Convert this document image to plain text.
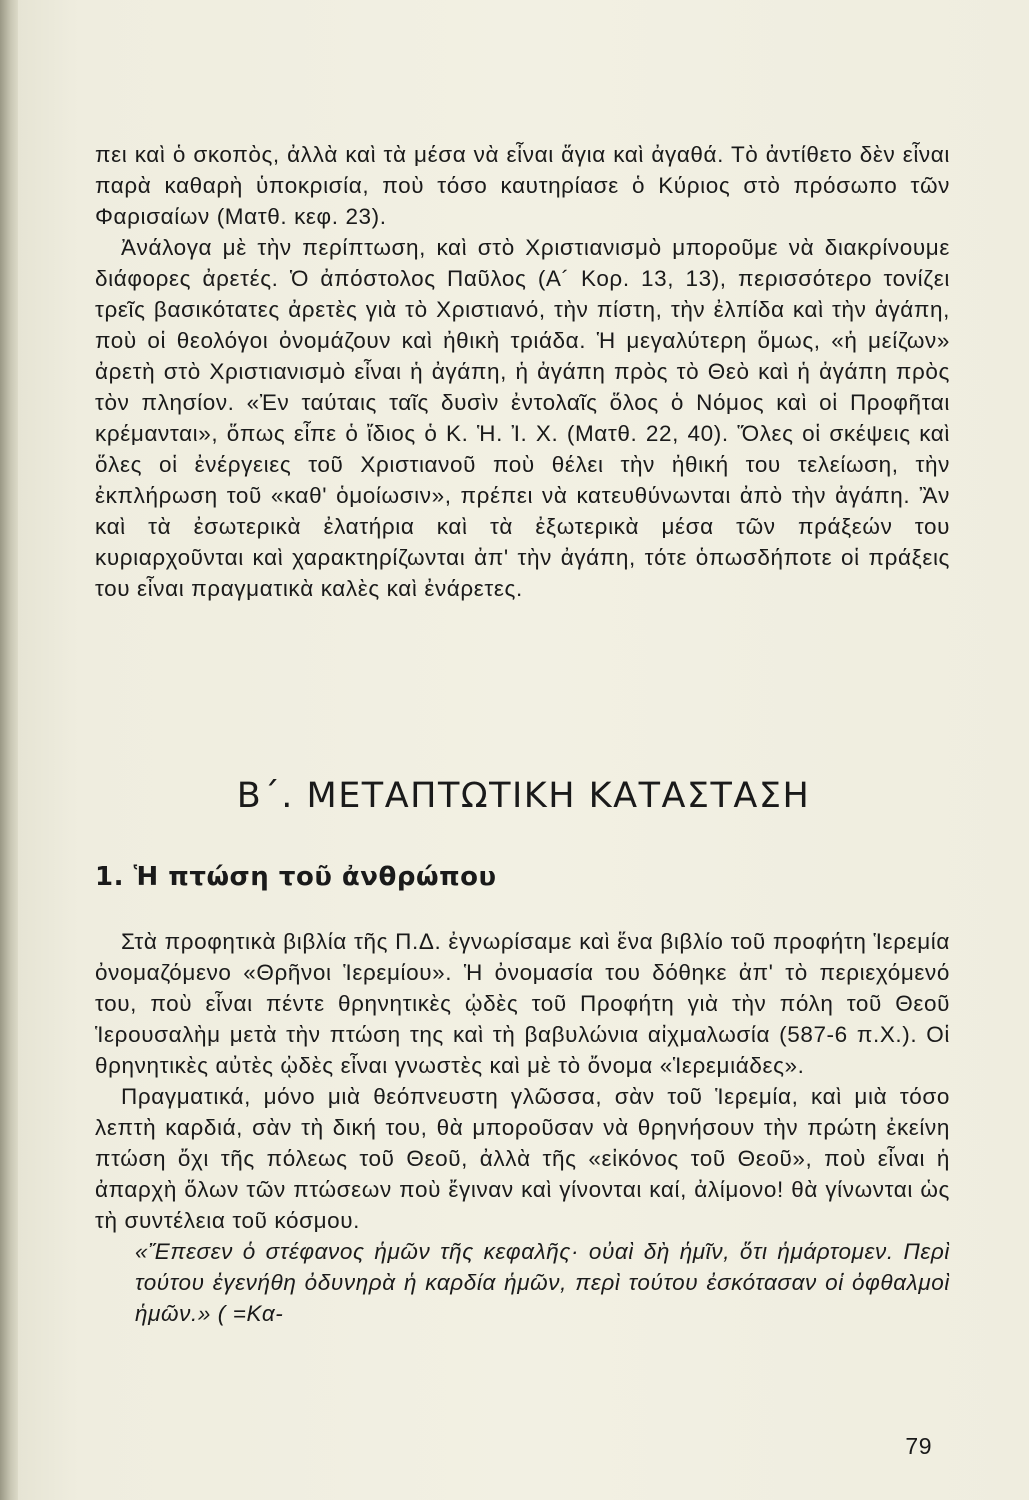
πει καὶ ὁ σκοπὸς, ἀλλὰ καὶ τὰ μέσα νὰ εἶναι ἅγια καὶ ἀγαθά. Τὸ ἀντίθετο δὲν εἶναι παρὰ καθαρὴ ὑποκρισία, ποὺ τόσο καυτηρίασε ὁ Κύριος στὸ πρόσωπο τῶν Φαρισαίων (Ματθ. κεφ. 23).

Ἀνάλογα μὲ τὴν περίπτωση, καὶ στὸ Χριστιανισμὸ μποροῦμε νὰ διακρίνουμε διάφορες ἀρετές. Ὁ ἀπόστολος Παῦλος (Α´ Κορ. 13, 13), περισσότερο τονίζει τρεῖς βασικότατες ἀρετὲς γιὰ τὸ Χριστιανό, τὴν πίστη, τὴν ἐλπίδα καὶ τὴν ἀγάπη, ποὺ οἱ θεολόγοι ὀνομάζουν καὶ ἠθικὴ τριάδα. Ἡ μεγαλύτερη ὅμως, «ἡ μείζων» ἀρετὴ στὸ Χριστιανισμὸ εἶναι ἡ ἀγάπη, ἡ ἀγάπη πρὸς τὸ Θεὸ καὶ ἡ ἀγάπη πρὸς τὸν πλησίον. «Ἐν ταύταις ταῖς δυσὶν ἐντολαῖς ὅλος ὁ Νόμος καὶ οἱ Προφῆται κρέμανται», ὅπως εἶπε ὁ ἴδιος ὁ Κ. Ἡ. Ἰ. Χ. (Ματθ. 22, 40). Ὅλες οἱ σκέψεις καὶ ὅλες οἱ ἐνέργειες τοῦ Χριστιανοῦ ποὺ θέλει τὴν ἠθική του τελείωση, τὴν ἐκπλήρωση τοῦ «καθ' ὁμοίωσιν», πρέπει νὰ κατευθύνωνται ἀπὸ τὴν ἀγάπη. Ἂν καὶ τὰ ἐσωτερικὰ ἐλατήρια καὶ τὰ ἐξωτερικὰ μέσα τῶν πράξεών του κυριαρχοῦνται καὶ χαρακτηρίζωνται ἀπ' τὴν ἀγάπη, τότε ὁπωσδήποτε οἱ πράξεις του εἶναι πραγματικὰ καλὲς καὶ ἐνάρετες.

Β´. ΜΕΤΑΠΤΩΤΙΚΗ ΚΑΤΑΣΤΑΣΗ
1. Ἡ πτώση τοῦ ἀνθρώπου

Στὰ προφητικὰ βιβλία τῆς Π.Δ. ἐγνωρίσαμε καὶ ἕνα βιβλίο τοῦ προφήτη Ἱερεμία ὀνομαζόμενο «Θρῆνοι Ἱερεμίου». Ἡ ὀνομασία του δόθηκε ἀπ' τὸ περιεχόμενό του, ποὺ εἶναι πέντε θρηνητικὲς ᾠδὲς τοῦ Προφήτη γιὰ τὴν πόλη τοῦ Θεοῦ Ἱερουσαλὴμ μετὰ τὴν πτώση της καὶ τὴ βαβυλώνια αἰχμαλωσία (587-6 π.Χ.). Οἱ θρηνητικὲς αὐτὲς ᾠδὲς εἶναι γνωστὲς καὶ μὲ τὸ ὄνομα «Ἱερεμιάδες».

Πραγματικά, μόνο μιὰ θεόπνευστη γλῶσσα, σὰν τοῦ Ἱερεμία, καὶ μιὰ τόσο λεπτὴ καρδιά, σὰν τὴ δική του, θὰ μποροῦσαν νὰ θρηνήσουν τὴν πρώτη ἐκείνη πτώση ὄχι τῆς πόλεως τοῦ Θεοῦ, ἀλλὰ τῆς «εἰκόνος τοῦ Θεοῦ», ποὺ εἶναι ἡ ἀπαρχὴ ὅλων τῶν πτώσεων ποὺ ἔγιναν καὶ γίνονται καί, ἀλίμονο! θὰ γίνωνται ὡς τὴ συντέλεια τοῦ κόσμου.

«Ἔπεσεν ὁ στέφανος ἡμῶν τῆς κεφαλῆς· οὐαὶ δὴ ἡμῖν, ὅτι ἡμάρτομεν. Περὶ τούτου ἐγενήθη ὀδυνηρὰ ἡ καρδία ἡμῶν, περὶ τούτου ἐσκότασαν οἱ ὀφθαλμοὶ ἡμῶν.» ( =Κα-

79
